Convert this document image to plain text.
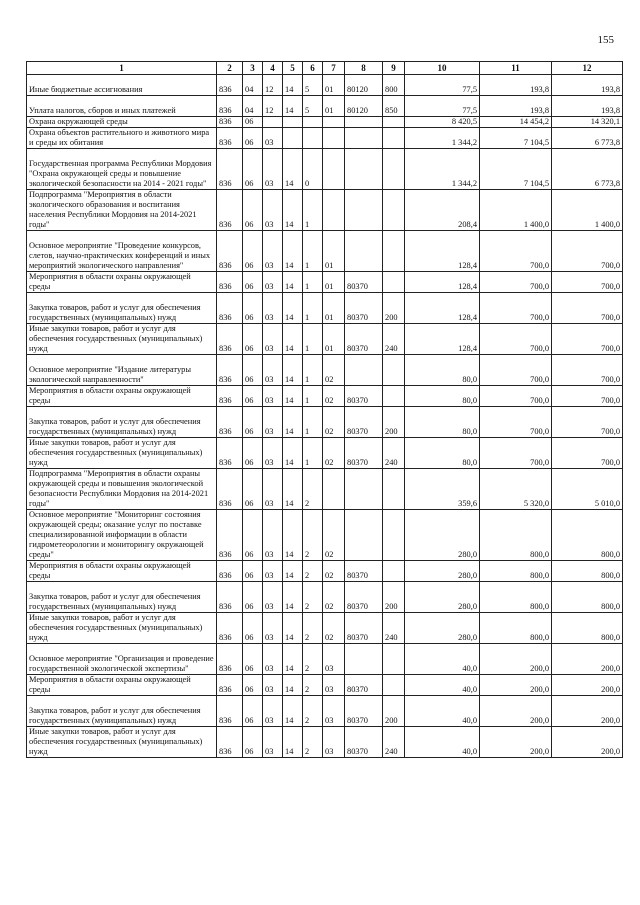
155
1	2	3	4	5	6	7	8	9	10	11	12
Иные бюджетные ассигнования	836	04	12	14	5	01	80120	800	77,5	193,8	193,8
Уплата налогов, сборов и иных платежей	836	04	12	14	5	01	80120	850	77,5	193,8	193,8
Охрана окружающей среды	836	06							8 420,5	14 454,2	14 320,1
Охрана объектов растительного и животного мира и среды их обитания	836	06	03						1 344,2	7 104,5	6 773,8
Государственная программа Республики Мордовия "Охрана окружающей среды и повышение экологической безопасности на 2014 - 2021 годы"	836	06	03	14	0				1 344,2	7 104,5	6 773,8
Подпрограмма "Мероприятия в области экологического образования и воспитания населения Республики Мордовия на 2014-2021 годы"	836	06	03	14	1				208,4	1 400,0	1 400,0
Основное мероприятие "Проведение конкурсов, слетов, научно-практических конференций и иных мероприятий экологического направления"	836	06	03	14	1	01			128,4	700,0	700,0
Мероприятия в области охраны окружающей среды	836	06	03	14	1	01	80370		128,4	700,0	700,0
Закупка товаров, работ и услуг для обеспечения государственных (муниципальных) нужд	836	06	03	14	1	01	80370	200	128,4	700,0	700,0
Иные закупки товаров, работ и услуг для обеспечения государственных (муниципальных) нужд	836	06	03	14	1	01	80370	240	128,4	700,0	700,0
Основное мероприятие "Издание литературы экологической направленности"	836	06	03	14	1	02			80,0	700,0	700,0
Мероприятия в области охраны окружающей среды	836	06	03	14	1	02	80370		80,0	700,0	700,0
Закупка товаров, работ и услуг для обеспечения государственных (муниципальных) нужд	836	06	03	14	1	02	80370	200	80,0	700,0	700,0
Иные закупки товаров, работ и услуг для обеспечения государственных (муниципальных) нужд	836	06	03	14	1	02	80370	240	80,0	700,0	700,0
Подпрограмма "Мероприятия в области охраны окружающей среды и повышения экологической безопасности Республики Мордовия на 2014-2021 годы"	836	06	03	14	2				359,6	5 320,0	5 010,0
Основное мероприятие "Мониторинг состояния окружающей среды; оказание услуг по поставке специализированной информации в области гидрометеорологии и мониторингу окружающей среды"	836	06	03	14	2	02			280,0	800,0	800,0
Мероприятия в области охраны окружающей среды	836	06	03	14	2	02	80370		280,0	800,0	800,0
Закупка товаров, работ и услуг для обеспечения государственных (муниципальных) нужд	836	06	03	14	2	02	80370	200	280,0	800,0	800,0
Иные закупки товаров, работ и услуг для обеспечения государственных (муниципальных) нужд	836	06	03	14	2	02	80370	240	280,0	800,0	800,0
Основное мероприятие "Организация и проведение государственной экологической экспертизы"	836	06	03	14	2	03			40,0	200,0	200,0
Мероприятия в области охраны окружающей среды	836	06	03	14	2	03	80370		40,0	200,0	200,0
Закупка товаров, работ и услуг для обеспечения государственных (муниципальных) нужд	836	06	03	14	2	03	80370	200	40,0	200,0	200,0
Иные закупки товаров, работ и услуг для обеспечения государственных (муниципальных) нужд	836	06	03	14	2	03	80370	240	40,0	200,0	200,0
